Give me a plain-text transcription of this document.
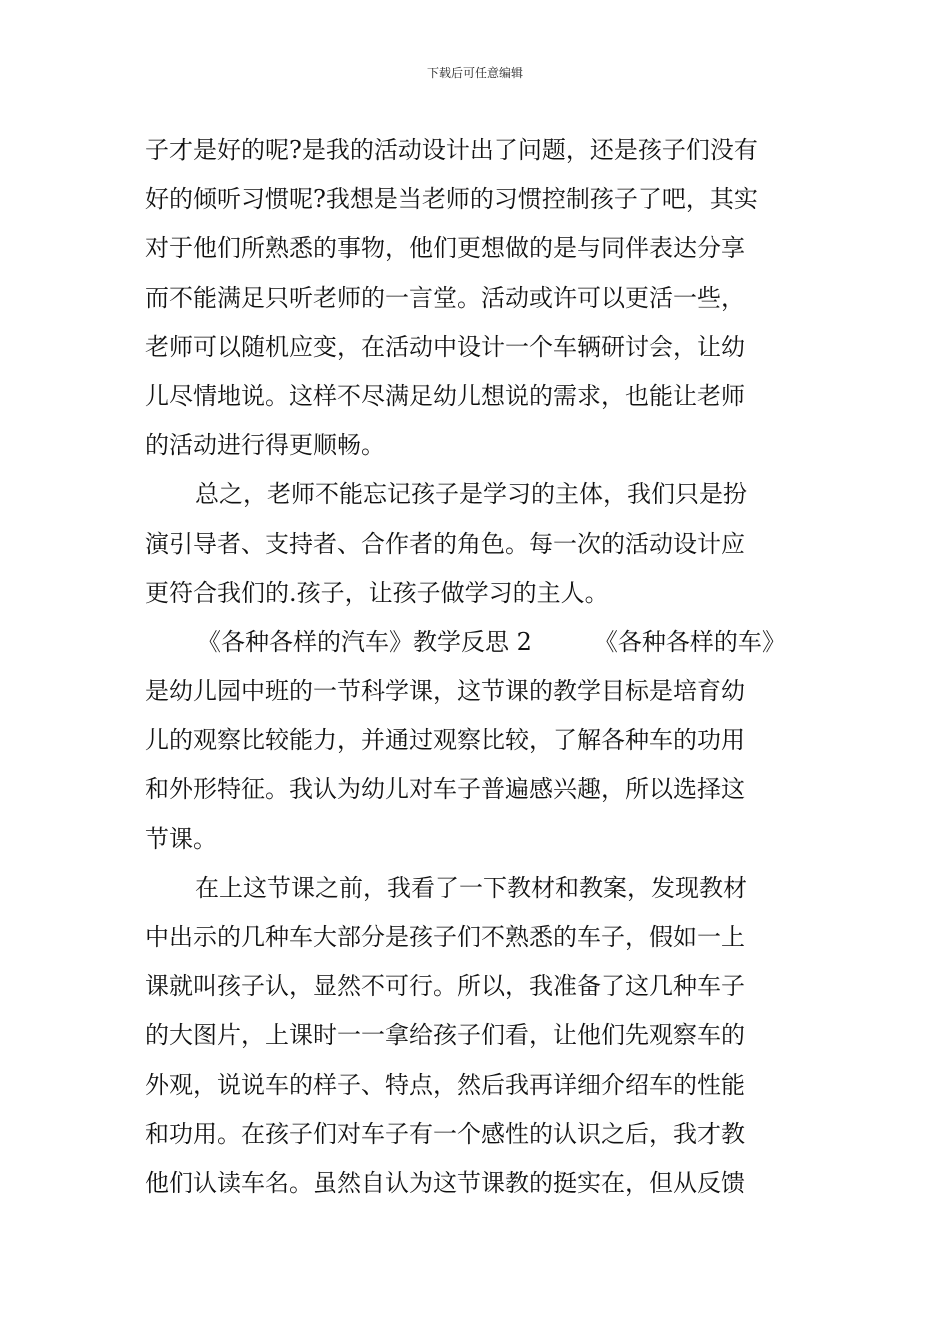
下载后可任意编辑
子才是好的呢?是我的活动设计出了问题，还是孩子们没有
好的倾听习惯呢?我想是当老师的习惯控制孩子了吧，其实
对于他们所熟悉的事物，他们更想做的是与同伴表达分享
而不能满足只听老师的一言堂。活动或许可以更活一些，
老师可以随机应变，在活动中设计一个车辆研讨会，让幼
儿尽情地说。这样不尽满足幼儿想说的需求，也能让老师
的活动进行得更顺畅。
总之，老师不能忘记孩子是学习的主体，我们只是扮
演引导者、支持者、合作者的角色。每一次的活动设计应
更符合我们的.孩子，让孩子做学习的主人。
《各种各样的汽车》教学反思 2	《各种各样的车》
是幼儿园中班的一节科学课，这节课的教学目标是培育幼
儿的观察比较能力，并通过观察比较，了解各种车的功用
和外形特征。我认为幼儿对车子普遍感兴趣，所以选择这
节课。
在上这节课之前，我看了一下教材和教案，发现教材
中出示的几种车大部分是孩子们不熟悉的车子，假如一上
课就叫孩子认，显然不可行。所以，我准备了这几种车子
的大图片，上课时一一拿给孩子们看，让他们先观察车的
外观，说说车的样子、特点，然后我再详细介绍车的性能
和功用。在孩子们对车子有一个感性的认识之后，我才教
他们认读车名。虽然自认为这节课教的挺实在，但从反馈
